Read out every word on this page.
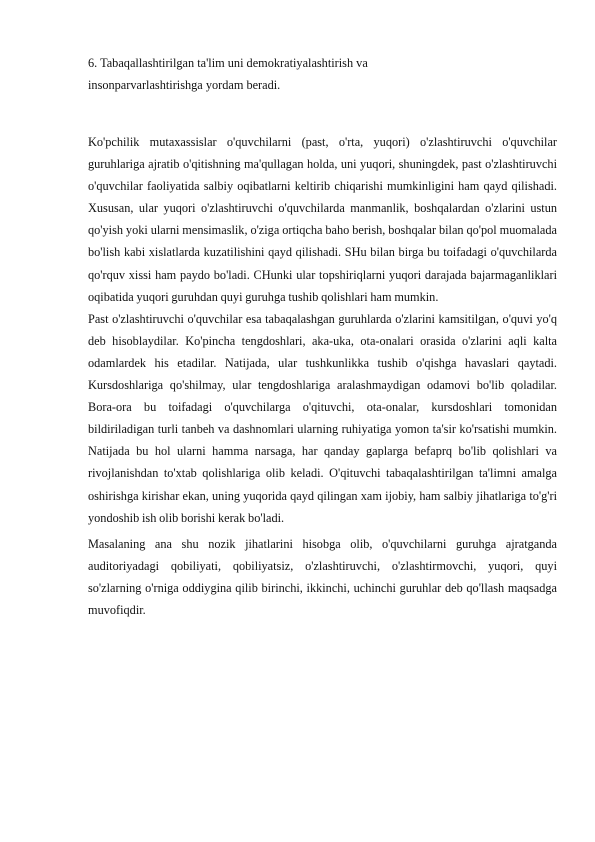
6. Tabaqallashtirilgan ta'lim uni demokratiyalashtirish va

insonparvarlashtirishga yordam beradi.

Ko'pchilik mutaxassislar o'quvchilarni (past, o'rta, yuqori) o'zlashtiruvchi o'quvchilar guruhlariga ajratib o'qitishning ma'qullagan holda, uni yuqori, shuningdek, past o'zlashtiruvchi o'quvchilar faoliyatida salbiy oqibatlarni keltirib chiqarishi mumkinligini ham qayd qilishadi. Xususan, ular yuqori o'zlashtiruvchi o'quvchilarda manmanlik, boshqalardan o'zlarini ustun qo'yish yoki ularni mensimaslik, o'ziga ortiqcha baho berish, boshqalar bilan qo'pol muomalada bo'lish kabi xislatlarda kuzatilishini qayd qilishadi. SHu bilan birga bu toifadagi o'quvchilarda qo'rquv xissi ham paydo bo'ladi. CHunki ular topshiriqlarni yuqori darajada bajarmaganliklari oqibatida yuqori guruhdan quyi guruhga tushib qolishlari ham mumkin.

Past o'zlashtiruvchi o'quvchilar esa tabaqalashgan guruhlarda o'zlarini kamsitilgan, o'quvi yo'q deb hisoblaydilar. Ko'pincha tengdoshlari, aka-uka, ota-onalari orasida o'zlarini aqli kalta odamlardek his etadilar. Natijada, ular tushkunlikka tushib o'qishga havaslari qaytadi. Kursdoshlariga qo'shilmay, ular tengdoshlariga aralashmaydigan odamovi bo'lib qoladilar. Bora-ora bu toifadagi o'quvchilarga o'qituvchi, ota-onalar, kursdoshlari tomonidan bildiriladigan turli tanbeh va dashnomlari ularning ruhiyatiga yomon ta'sir ko'rsatishi mumkin. Natijada bu hol ularni hamma narsaga, har qanday gaplarga befaprq bo'lib qolishlari va rivojlanishdan to'xtab qolishlariga olib keladi. O'qituvchi tabaqalashtirilgan ta'limni amalga oshirishga kirishar ekan, uning yuqorida qayd qilingan xam ijobiy, ham salbiy jihatlariga to'g'ri yondoshib ish olib borishi kerak bo'ladi.

Masalaning ana shu nozik jihatlarini hisobga olib, o'quvchilarni guruhga ajratganda auditoriyadagi qobiliyati, qobiliyatsiz, o'zlashtiruvchi, o'zlashtirmovchi, yuqori, quyi so'zlarning o'rniga oddiygina qilib birinchi, ikkinchi, uchinchi guruhlar deb qo'llash maqsadga muvofiqdir.
